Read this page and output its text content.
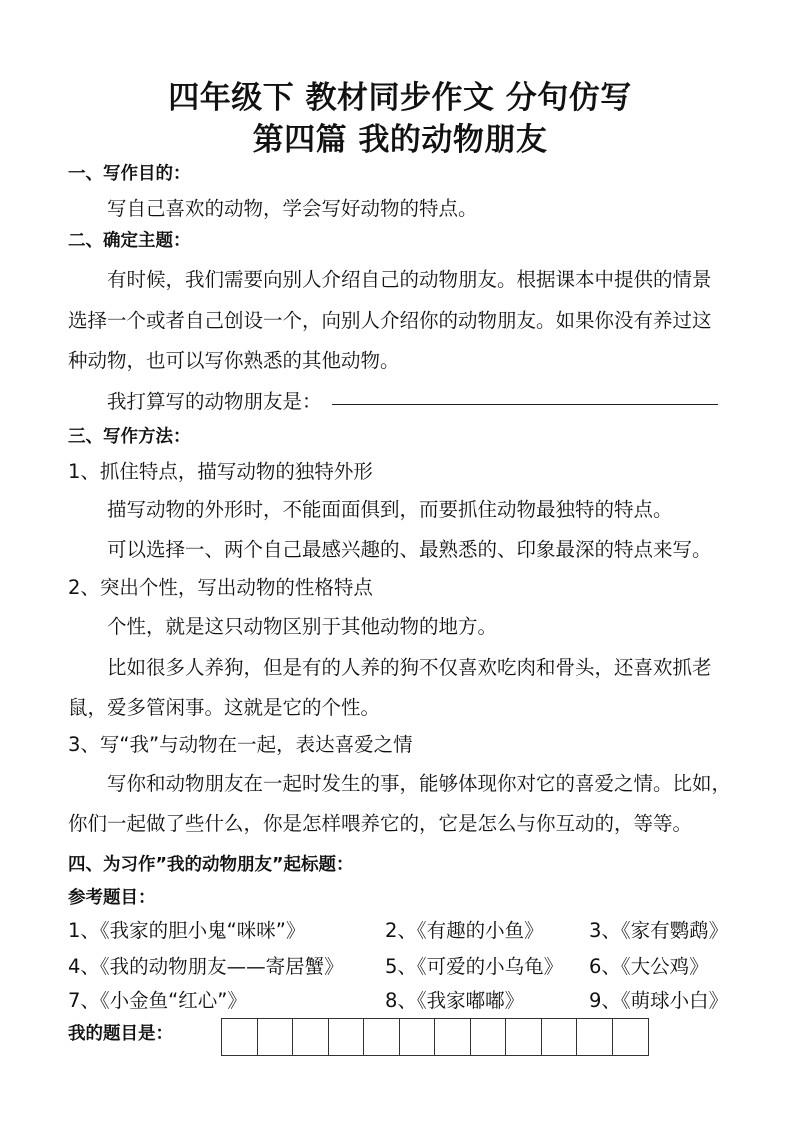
四年级下 教材同步作文 分句仿写
第四篇 我的动物朋友
一、写作目的：
写自己喜欢的动物，学会写好动物的特点。
二、确定主题：
有时候，我们需要向别人介绍自己的动物朋友。根据课本中提供的情景
选择一个或者自己创设一个，向别人介绍你的动物朋友。如果你没有养过这
种动物，也可以写你熟悉的其他动物。
我打算写的动物朋友是：
三、写作方法：
1、抓住特点，描写动物的独特外形
描写动物的外形时，不能面面俱到，而要抓住动物最独特的特点。
可以选择一、两个自己最感兴趣的、最熟悉的、印象最深的特点来写。
2、突出个性，写出动物的性格特点
个性，就是这只动物区别于其他动物的地方。
比如很多人养狗，但是有的人养的狗不仅喜欢吃肉和骨头，还喜欢抓老
鼠，爱多管闲事。这就是它的个性。
3、写“我”与动物在一起，表达喜爱之情
写你和动物朋友在一起时发生的事，能够体现你对它的喜爱之情。比如，
你们一起做了些什么，你是怎样喂养它的，它是怎么与你互动的，等等。
四、为习作”我的动物朋友”起标题：
参考题目：
1、《我家的胆小鬼“咪咪”》	2、《有趣的小鱼》 3、《家有鹦鹉》
4、《我的动物朋友——寄居蟹》 5、《可爱的小乌龟》 6、《大公鸡》
7、《小金鱼“红心”》	8、《我家嘟嘟》	9、《萌球小白》
我的题目是：
